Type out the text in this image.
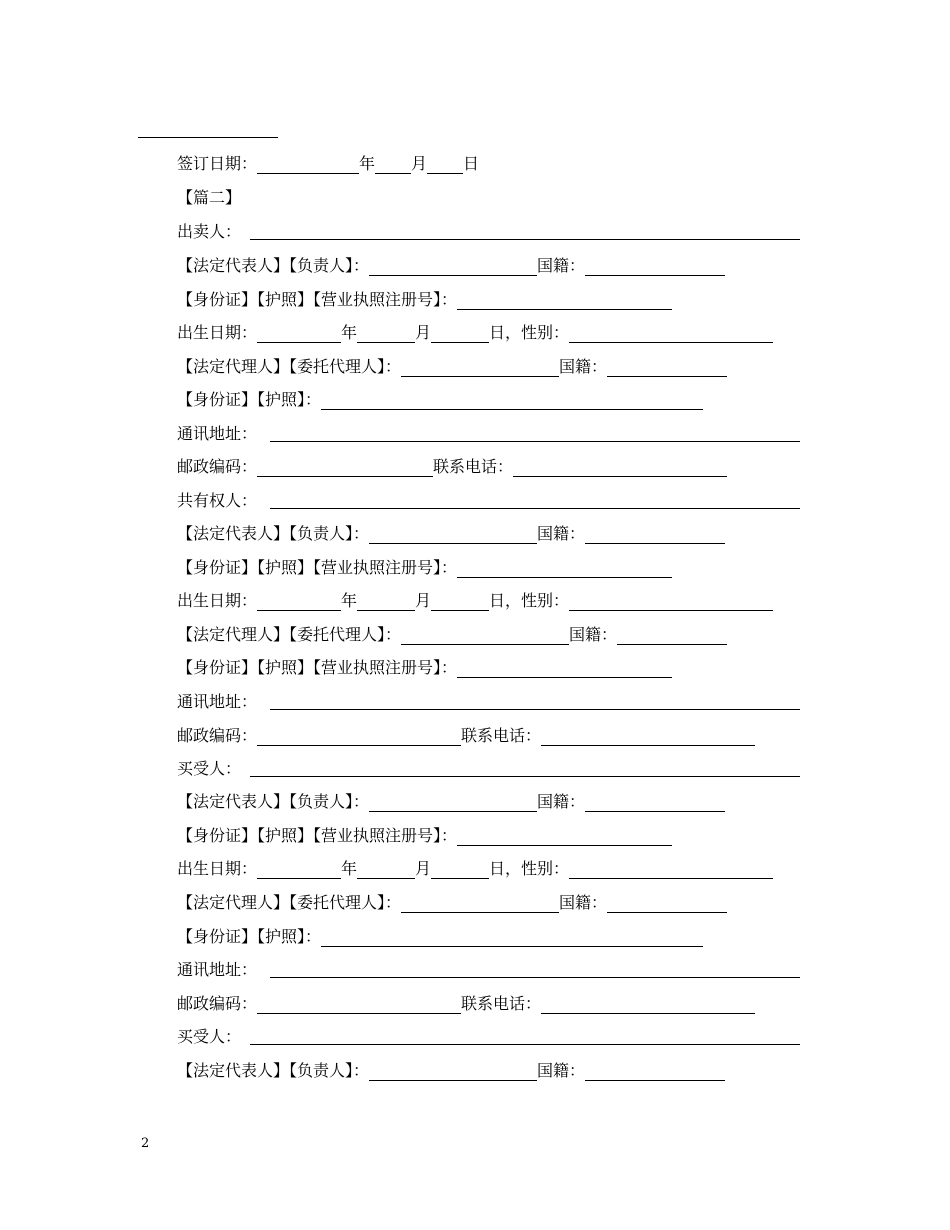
签订日期：	年 月 日
【篇二】
出卖人：
【法定代表人】【负责人】：	国籍：
【身份证】【护照】【营业执照注册号】：
出生日期：	年	月	日，性别：
【法定代理人】【委托代理人】：	国籍：
【身份证】【护照】：
通讯地址：
邮政编码：	联系电话：
共有权人：
【法定代表人】【负责人】：	国籍：
【身份证】【护照】【营业执照注册号】：
出生日期：	年	月	日，性别：
【法定代理人】【委托代理人】：	国籍：
【身份证】【护照】【营业执照注册号】：
通讯地址：
邮政编码：	联系电话：
买受人：
【法定代表人】【负责人】：	国籍：
【身份证】【护照】【营业执照注册号】：
出生日期：	年	月	日，性别：
【法定代理人】【委托代理人】：	国籍：
【身份证】【护照】：
通讯地址：
邮政编码：	联系电话：
买受人：
【法定代表人】【负责人】：	国籍：
2
